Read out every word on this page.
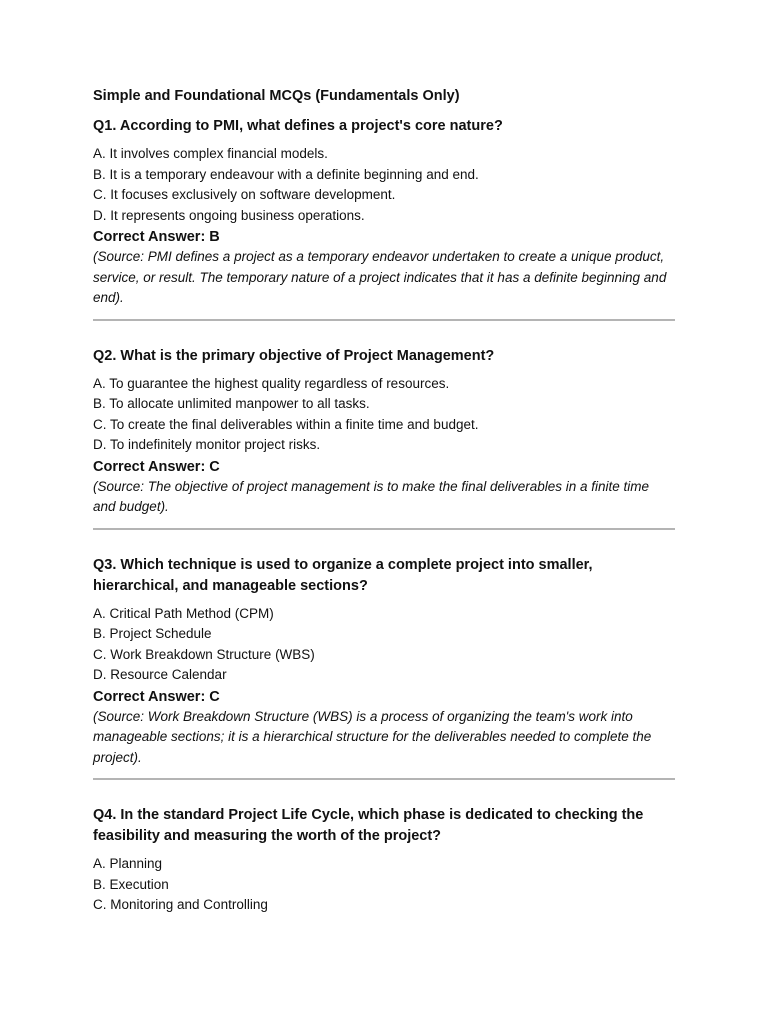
Simple and Foundational MCQs (Fundamentals Only)
Q1. According to PMI, what defines a project's core nature?
A. It involves complex financial models.
B. It is a temporary endeavour with a definite beginning and end.
C. It focuses exclusively on software development.
D. It represents ongoing business operations.
Correct Answer: B
(Source: PMI defines a project as a temporary endeavor undertaken to create a unique product, service, or result. The temporary nature of a project indicates that it has a definite beginning and end).
Q2. What is the primary objective of Project Management?
A. To guarantee the highest quality regardless of resources.
B. To allocate unlimited manpower to all tasks.
C. To create the final deliverables within a finite time and budget.
D. To indefinitely monitor project risks.
Correct Answer: C
(Source: The objective of project management is to make the final deliverables in a finite time and budget).
Q3. Which technique is used to organize a complete project into smaller, hierarchical, and manageable sections?
A. Critical Path Method (CPM)
B. Project Schedule
C. Work Breakdown Structure (WBS)
D. Resource Calendar
Correct Answer: C
(Source: Work Breakdown Structure (WBS) is a process of organizing the team's work into manageable sections; it is a hierarchical structure for the deliverables needed to complete the project).
Q4. In the standard Project Life Cycle, which phase is dedicated to checking the feasibility and measuring the worth of the project?
A. Planning
B. Execution
C. Monitoring and Controlling
